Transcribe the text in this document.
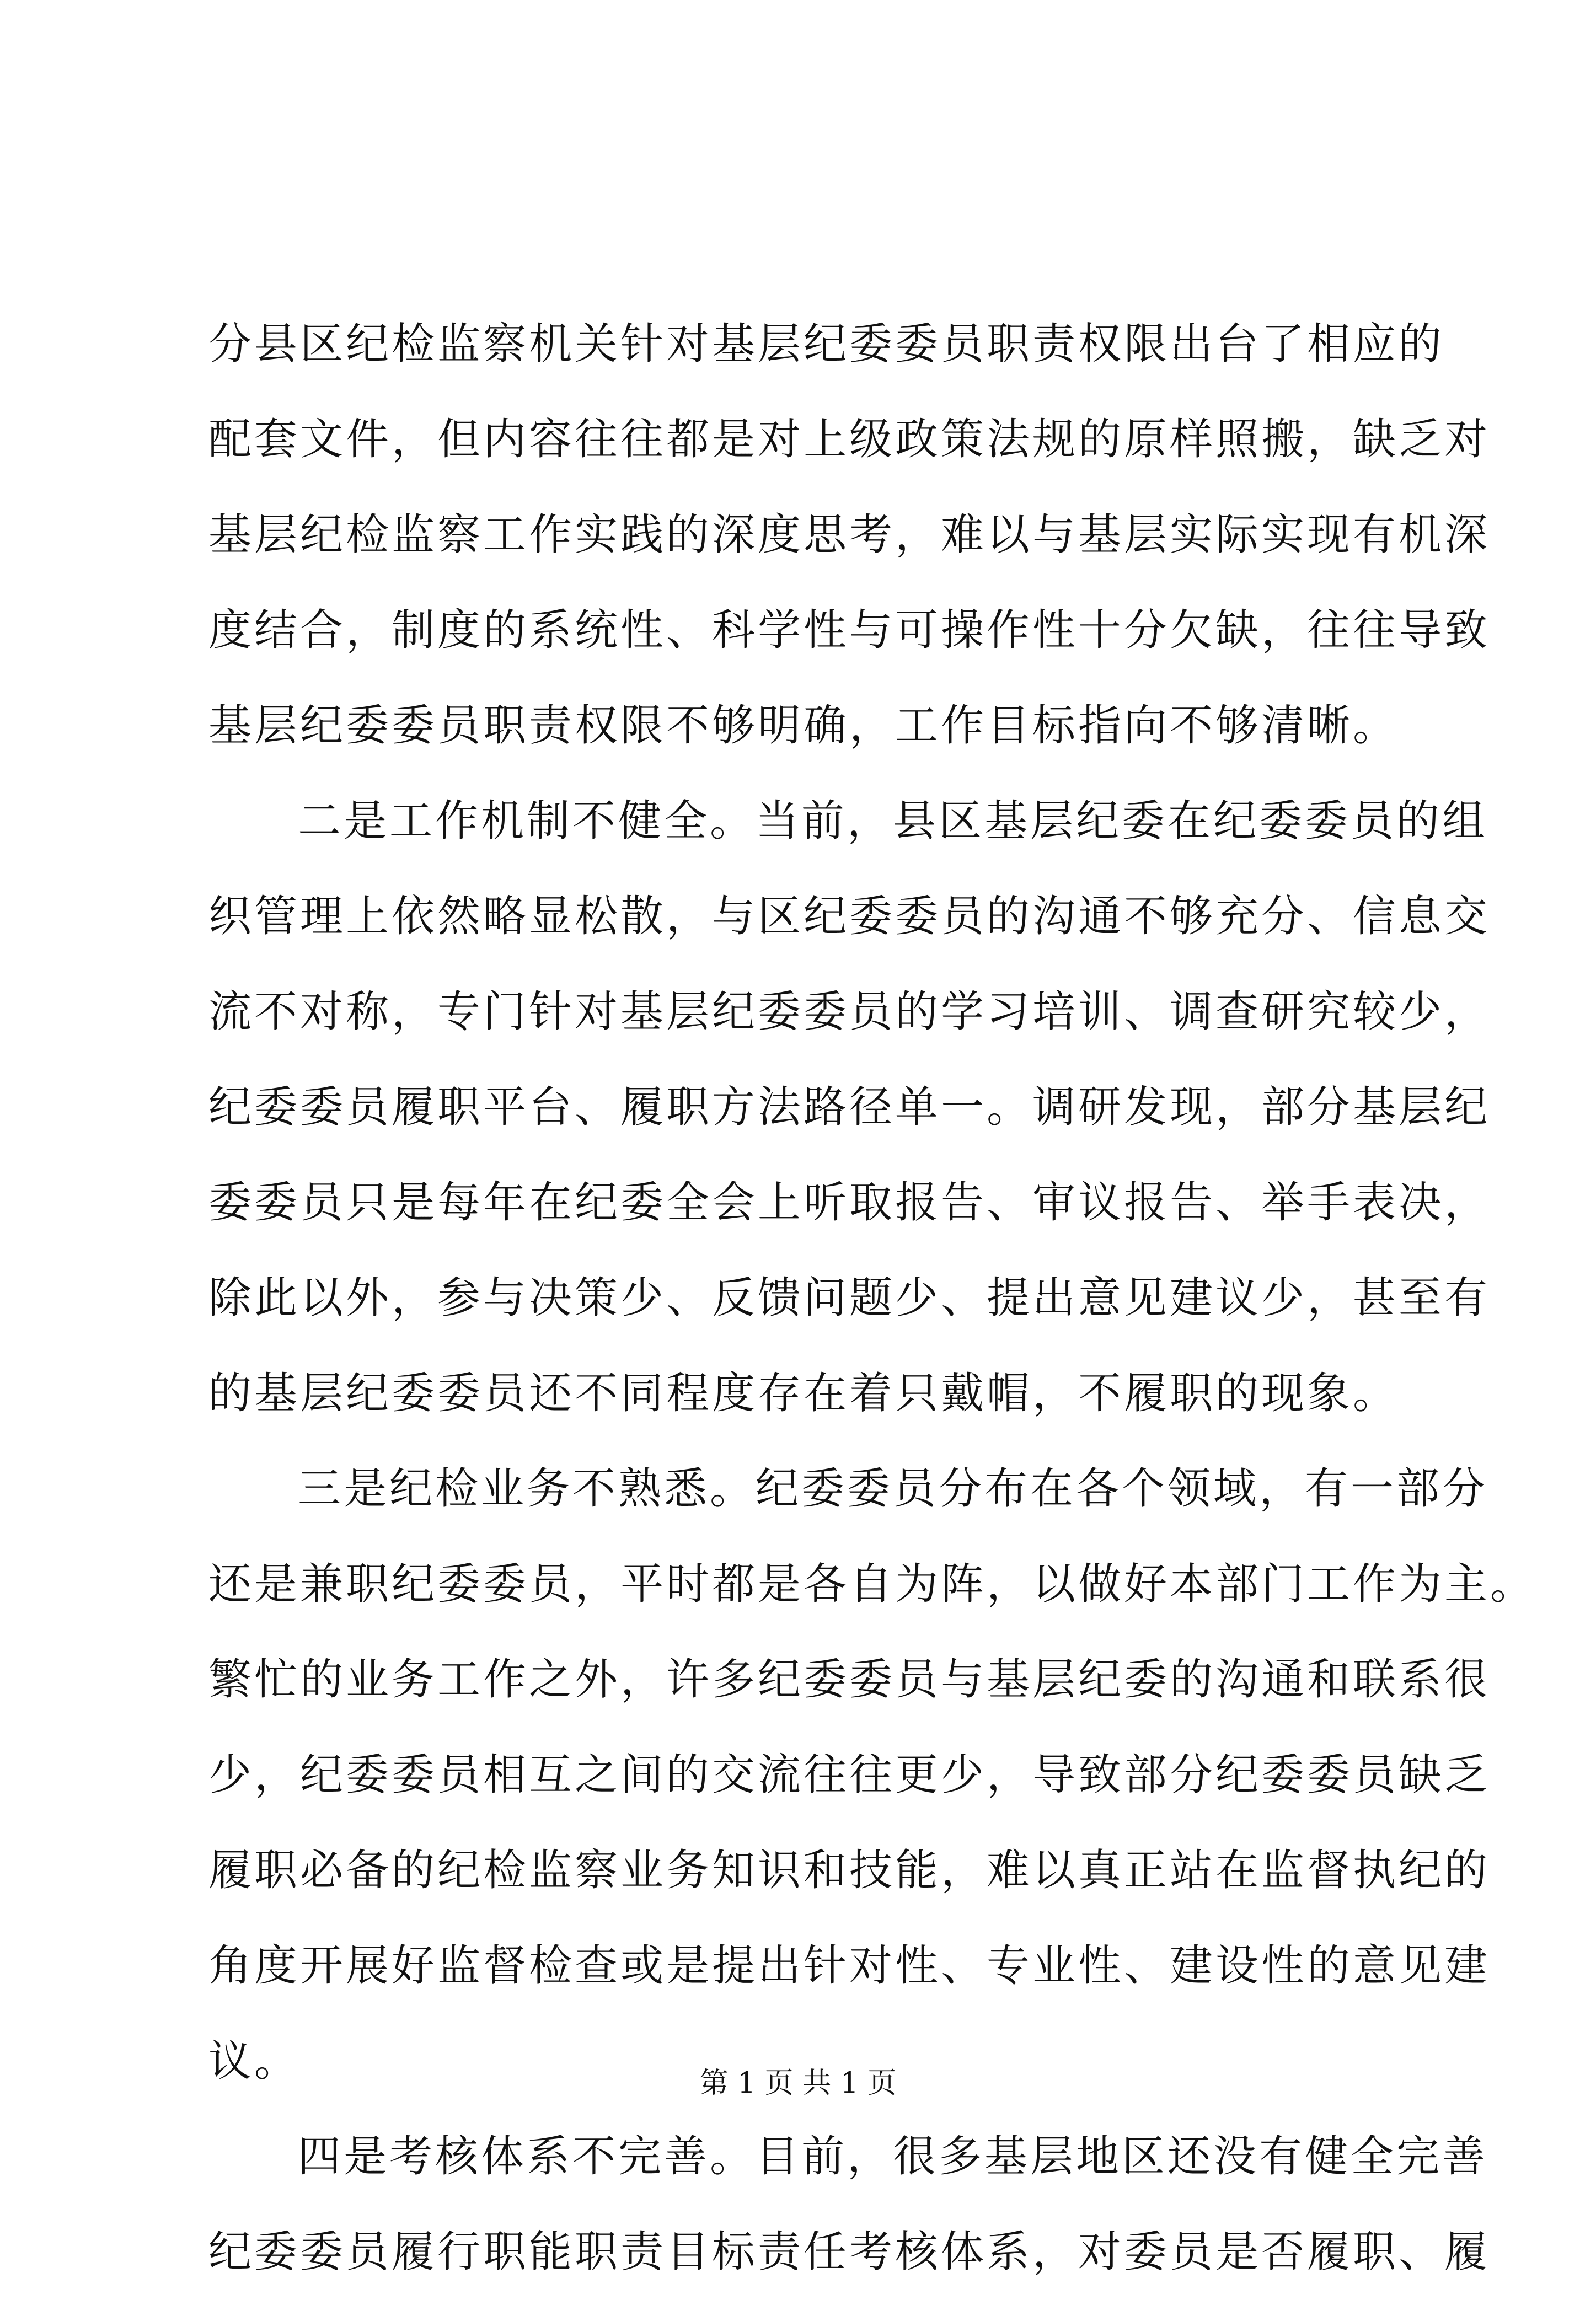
分县区纪检监察机关针对基层纪委委员职责权限出台了相应的
配套文件，但内容往往都是对上级政策法规的原样照搬，缺乏对
基层纪检监察工作实践的深度思考，难以与基层实际实现有机深
度结合，制度的系统性、科学性与可操作性十分欠缺，往往导致
基层纪委委员职责权限不够明确，工作目标指向不够清晰。
二是工作机制不健全。当前，县区基层纪委在纪委委员的组
织管理上依然略显松散，与区纪委委员的沟通不够充分、信息交
流不对称，专门针对基层纪委委员的学习培训、调查研究较少，
纪委委员履职平台、履职方法路径单一。调研发现，部分基层纪
委委员只是每年在纪委全会上听取报告、审议报告、举手表决，
除此以外，参与决策少、反馈问题少、提出意见建议少，甚至有
的基层纪委委员还不同程度存在着只戴帽，不履职的现象。
三是纪检业务不熟悉。纪委委员分布在各个领域，有一部分
还是兼职纪委委员，平时都是各自为阵，以做好本部门工作为主。
繁忙的业务工作之外，许多纪委委员与基层纪委的沟通和联系很
少，纪委委员相互之间的交流往往更少，导致部分纪委委员缺乏
履职必备的纪检监察业务知识和技能，难以真正站在监督执纪的
角度开展好监督检查或是提出针对性、专业性、建设性的意见建
议。
四是考核体系不完善。目前，很多基层地区还没有健全完善
纪委委员履行职能职责目标责任考核体系，对委员是否履职、履
第 1 页 共 1 页
